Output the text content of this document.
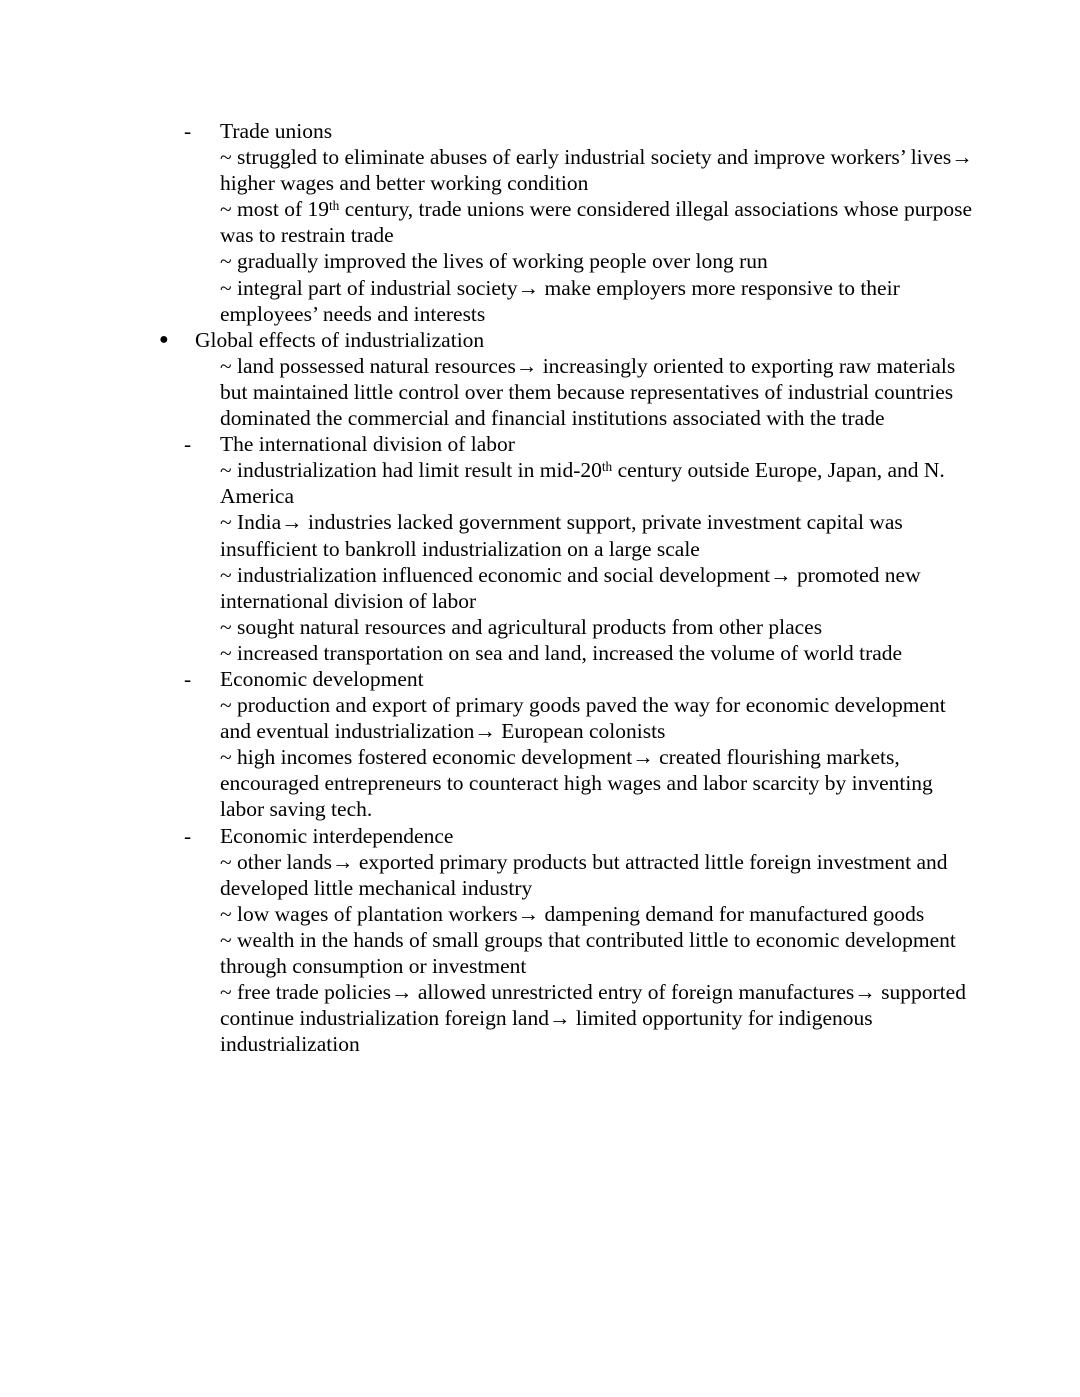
- Trade unions
~ struggled to eliminate abuses of early industrial society and improve workers’ lives→ higher wages and better working condition
~ most of 19th century, trade unions were considered illegal associations whose purpose was to restrain trade
~ gradually improved the lives of working people over long run
~ integral part of industrial society→ make employers more responsive to their employees’ needs and interests
● Global effects of industrialization
~ land possessed natural resources→ increasingly oriented to exporting raw materials but maintained little control over them because representatives of industrial countries dominated the commercial and financial institutions associated with the trade
- The international division of labor
~ industrialization had limit result in mid-20th century outside Europe, Japan, and N. America
~ India→ industries lacked government support, private investment capital was insufficient to bankroll industrialization on a large scale
~ industrialization influenced economic and social development→ promoted new international division of labor
~ sought natural resources and agricultural products from other places
~ increased transportation on sea and land, increased the volume of world trade
- Economic development
~ production and export of primary goods paved the way for economic development and eventual industrialization→ European colonists
~ high incomes fostered economic development→ created flourishing markets, encouraged entrepreneurs to counteract high wages and labor scarcity by inventing labor saving tech.
- Economic interdependence
~ other lands→ exported primary products but attracted little foreign investment and developed little mechanical industry
~ low wages of plantation workers→ dampening demand for manufactured goods
~ wealth in the hands of small groups that contributed little to economic development through consumption or investment
~ free trade policies→ allowed unrestricted entry of foreign manufactures→ supported continue industrialization foreign land→ limited opportunity for indigenous industrialization
